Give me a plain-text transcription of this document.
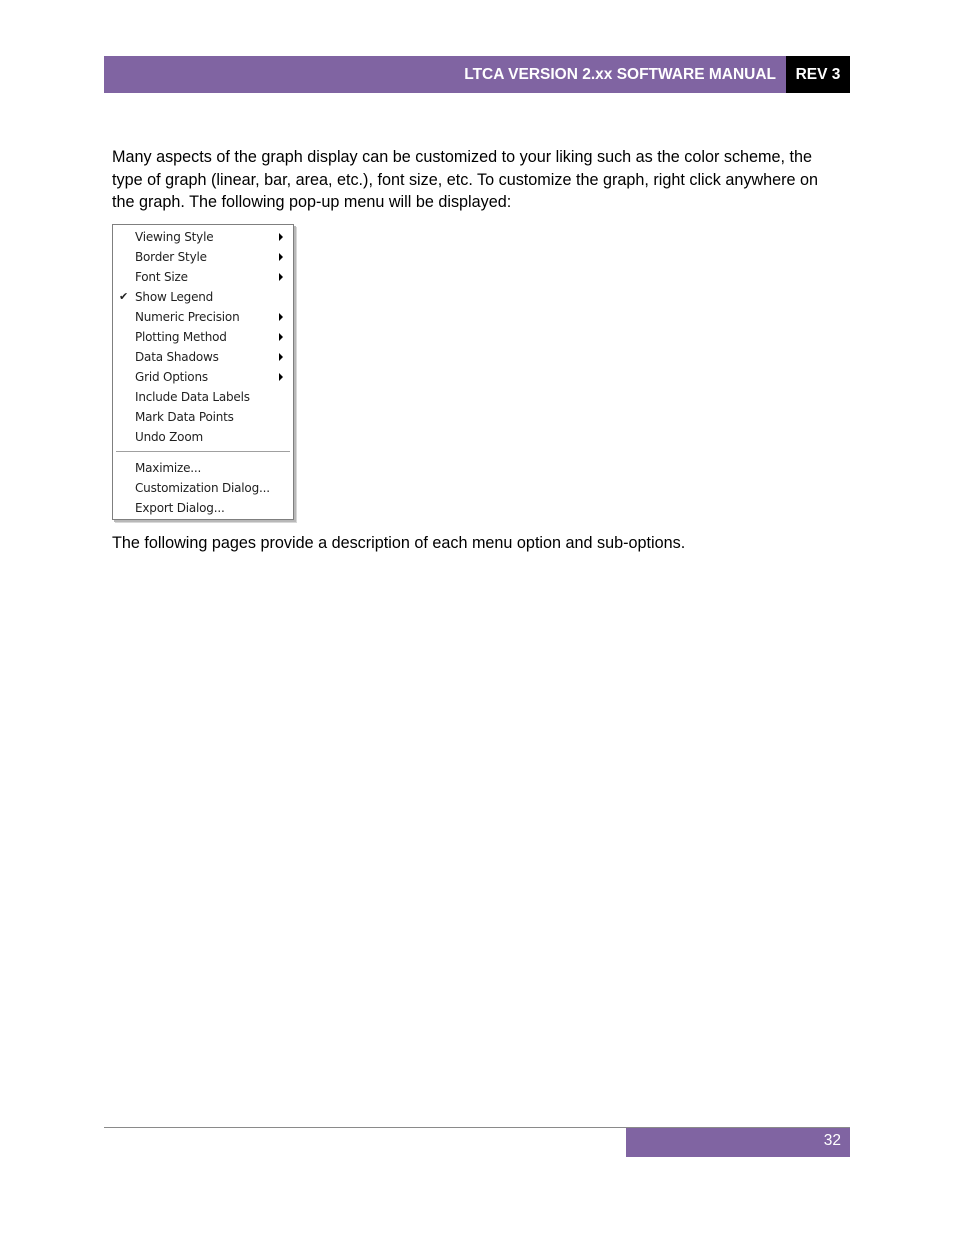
LTCA VERSION 2.xx SOFTWARE MANUAL	REV 3

Many aspects of the graph display can be customized to your liking such as the color scheme, the type of graph (linear, bar, area, etc.), font size, etc. To customize the graph, right click anywhere on the graph. The following pop-up menu will be displayed:

Viewing Style
Border Style
Font Size
✔ Show Legend
Numeric Precision
Plotting Method
Data Shadows
Grid Options
Include Data Labels
Mark Data Points
Undo Zoom
Maximize...
Customization Dialog...
Export Dialog...

The following pages provide a description of each menu option and sub-options.

32
